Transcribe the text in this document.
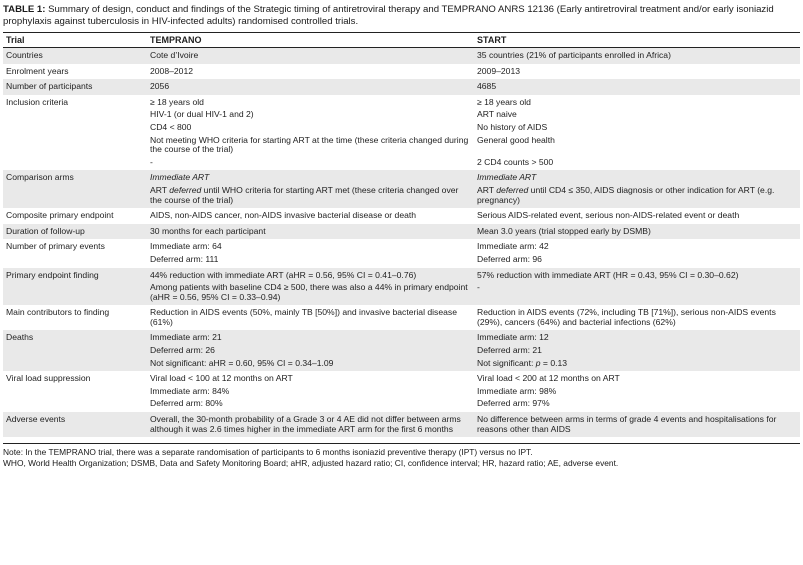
TABLE 1: Summary of design, conduct and findings of the Strategic timing of antiretroviral therapy and TEMPRANO ANRS 12136 (Early antiretroviral treatment and/or early isoniazid prophylaxis against tuberculosis in HIV-infected adults) randomised controlled trials.
Trial	TEMPRANO	START
Countries	Cote d’Ivoire	35 countries (21% of participants enrolled in Africa)
Enrolment years	2008–2012	2009–2013
Number of participants	2056	4685
Inclusion criteria	≥ 18 years old	≥ 18 years old
	HIV-1 (or dual HIV-1 and 2)	ART naive
	CD4 < 800	No history of AIDS
	Not meeting WHO criteria for starting ART at the time (these criteria changed during the course of the trial)	General good health
	-	2 CD4 counts > 500
Comparison arms	Immediate ART	Immediate ART
	ART deferred until WHO criteria for starting ART met (these criteria changed over the course of the trial)	ART deferred until CD4 ≤ 350, AIDS diagnosis or other indication for ART (e.g. pregnancy)
Composite primary endpoint	AIDS, non-AIDS cancer, non-AIDS invasive bacterial disease or death	Serious AIDS-related event, serious non-AIDS-related event or death
Duration of follow-up	30 months for each participant	Mean 3.0 years (trial stopped early by DSMB)
Number of primary events	Immediate arm: 64	Immediate arm: 42
	Deferred arm: 111	Deferred arm: 96
Primary endpoint finding	44% reduction with immediate ART (aHR = 0.56, 95% CI = 0.41–0.76)	57% reduction with immediate ART (HR = 0.43, 95% CI = 0.30–0.62)
	Among patients with baseline CD4 ≥ 500, there was also a 44% in primary endpoint (aHR = 0.56, 95% CI = 0.33–0.94)	-
Main contributors to finding	Reduction in AIDS events (50%, mainly TB [50%]) and invasive bacterial disease (61%)	Reduction in AIDS events (72%, including TB [71%]), serious non-AIDS events (29%), cancers (64%) and bacterial infections (62%)
Deaths	Immediate arm: 21	Immediate arm: 12
	Deferred arm: 26	Deferred arm: 21
	Not significant: aHR = 0.60, 95% CI = 0.34–1.09	Not significant: p = 0.13
Viral load suppression	Viral load < 100 at 12 months on ART	Viral load < 200 at 12 months on ART
	Immediate arm: 84%	Immediate arm: 98%
	Deferred arm: 80%	Deferred arm: 97%
Adverse events	Overall, the 30-month probability of a Grade 3 or 4 AE did not differ between arms although it was 2.6 times higher in the immediate ART arm for the first 6 months	No difference between arms in terms of grade 4 events and hospitalisations for reasons other than AIDS
Note: In the TEMPRANO trial, there was a separate randomisation of participants to 6 months isoniazid preventive therapy (IPT) versus no IPT.
WHO, World Health Organization; DSMB, Data and Safety Monitoring Board; aHR, adjusted hazard ratio; CI, confidence interval; HR, hazard ratio; AE, adverse event.
